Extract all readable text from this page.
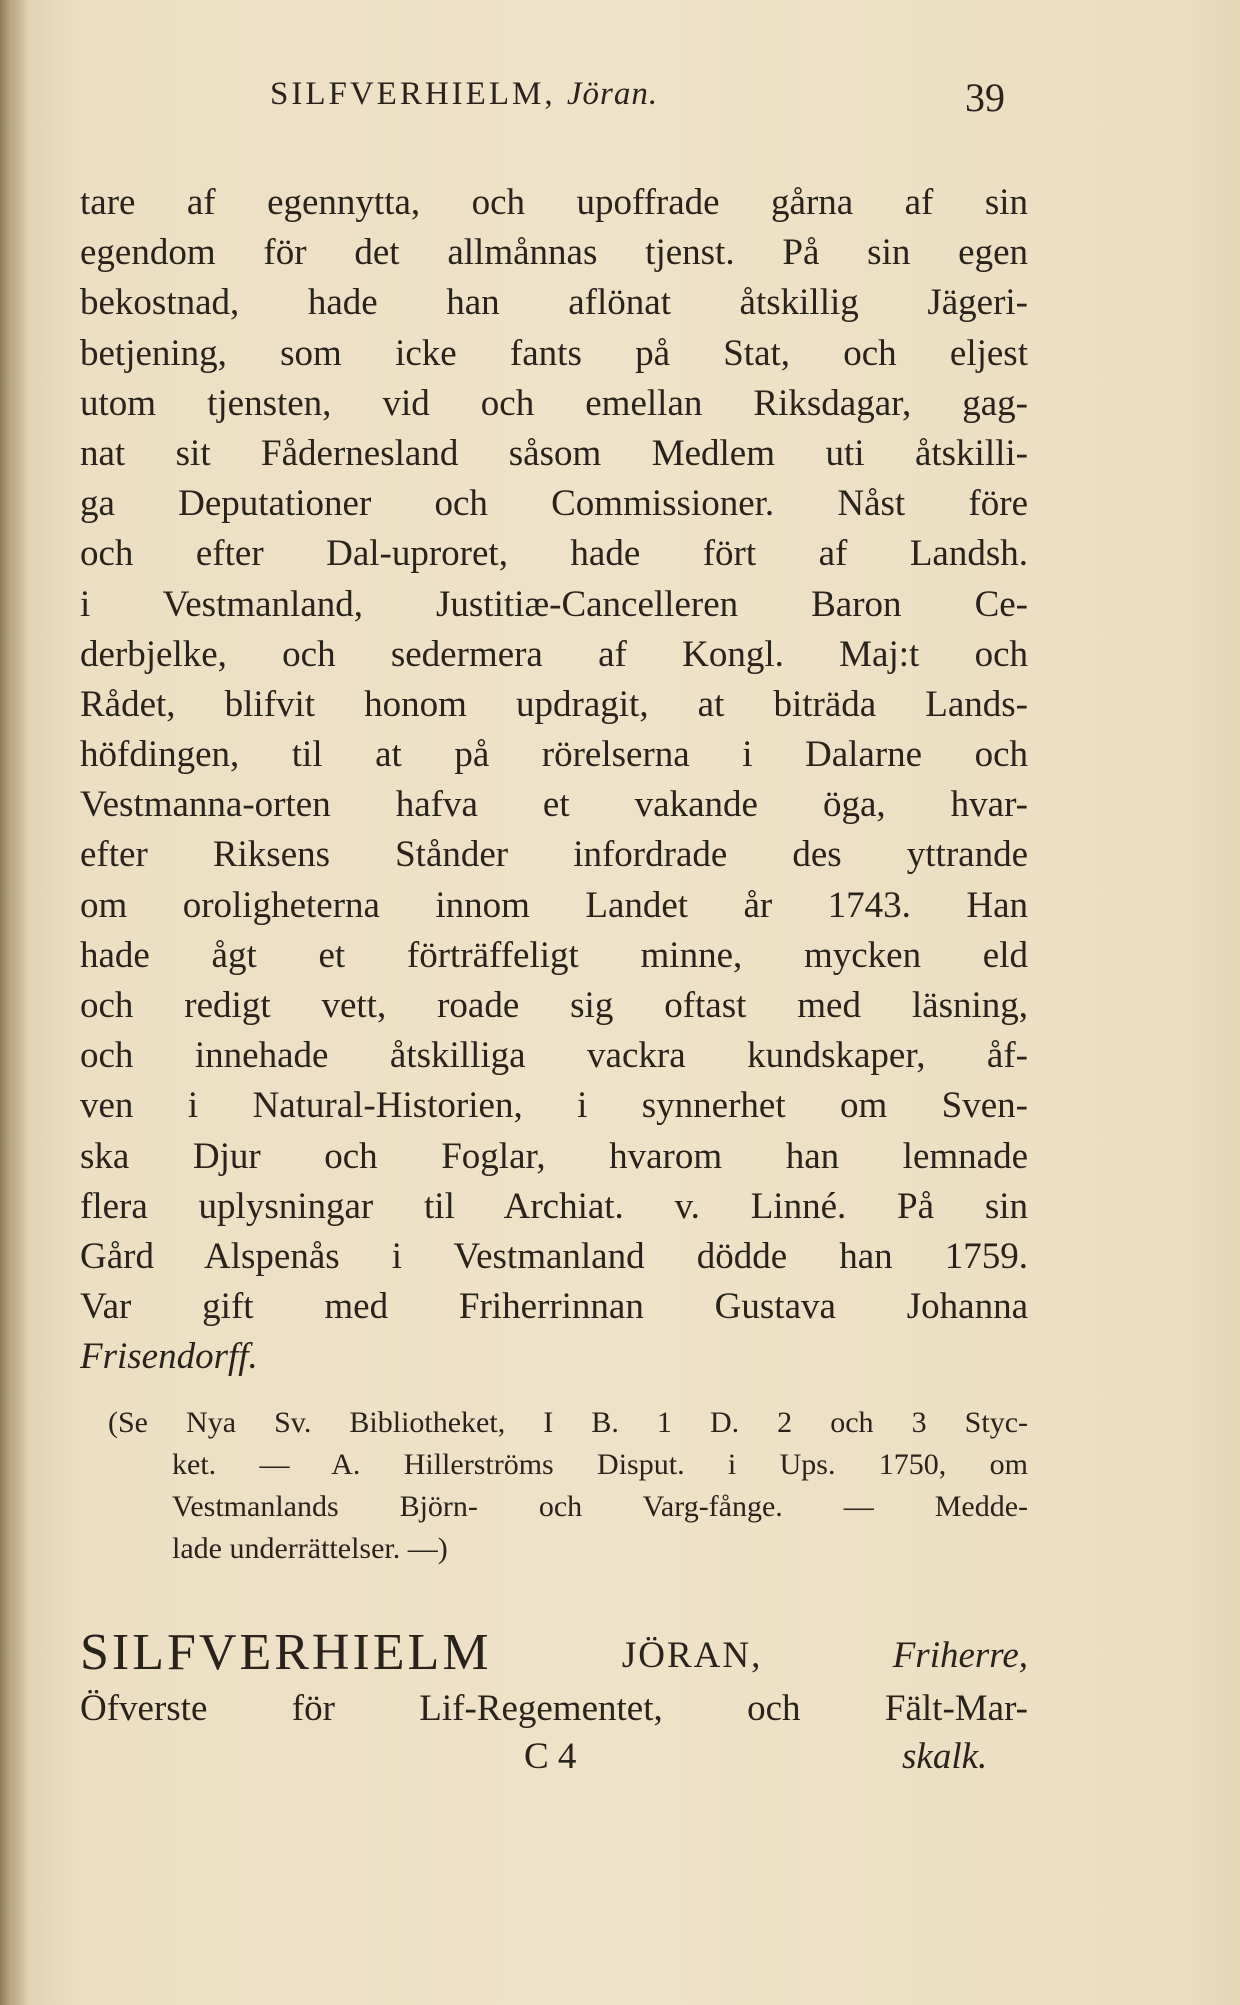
SILFVERHIELM, Jöran.	39
tare af egennytta, och upoffrade gårna af sin
egendom för det allmånnas tjenst. På sin egen
bekostnad, hade han aflönat åtskillig Jägeri-
betjening, som icke fants på Stat, och eljest
utom tjensten, vid och emellan Riksdagar, gag-
nat sit Fådernesland såsom Medlem uti åtskilli-
ga Deputationer och Commissioner. Nåst före
och efter Dal-uproret, hade fört af Landsh.
i Vestmanland, Justitiæ-Cancelleren Baron Ce-
derbjelke, och sedermera af Kongl. Maj:t och
Rådet, blifvit honom updragit, at biträda Lands-
höfdingen, til at på rörelserna i Dalarne och
Vestmanna-orten hafva et vakande öga, hvar-
efter Riksens Stånder infordrade des yttrande
om oroligheterna innom Landet år 1743. Han
hade ågt et förträffeligt minne, mycken eld
och redigt vett, roade sig oftast med läsning,
och innehade åtskilliga vackra kundskaper, åf-
ven i Natural-Historien, i synnerhet om Sven-
ska Djur och Foglar, hvarom han lemnade
flera uplysningar til Archiat. v. Linné. På sin
Gård Alspenås i Vestmanland dödde han 1759.
Var gift med Friherrinnan Gustava Johanna
Frisendorff.
(Se Nya Sv. Bibliotheket, I B. 1 D. 2 och 3 Styc-
ket. — A. Hillerströms Disput. i Ups. 1750, om
Vestmanlands Björn- och Varg-fånge. — Medde-
lade underrättelser. —)
SILFVERHIELM	JÖRAN,	Friherre,
Öfverste för Lif-Regementet, och Fält-Mar-
C 4	skalk.
